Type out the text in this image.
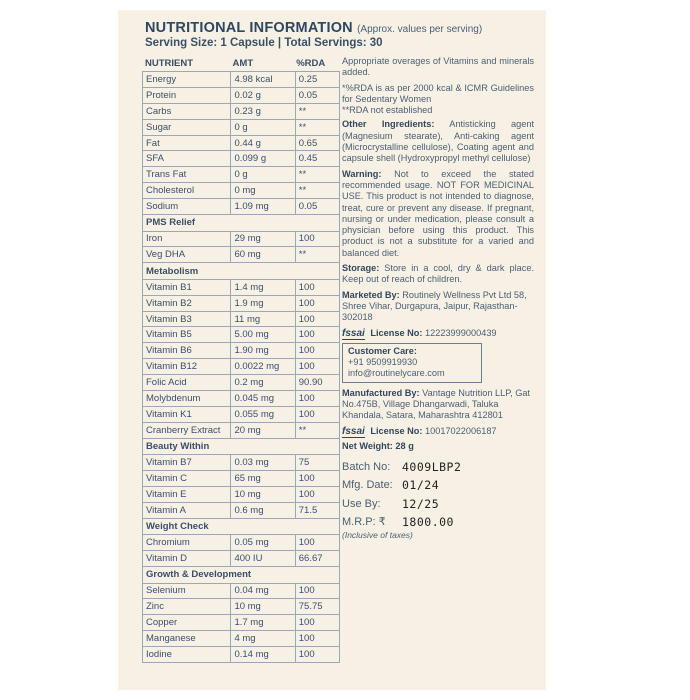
NUTRITIONAL INFORMATION (Approx. values per serving)
Serving Size: 1 Capsule | Total Servings: 30
NUTRIENT	AMT	%RDA
Energy	4.98 kcal	0.25
Protein	0.02 g	0.05
Carbs	0.23 g	**
Sugar	0 g	**
Fat	0.44 g	0.65
SFA	0.099 g	0.45
Trans Fat	0 g	**
Cholesterol	0 mg	**
Sodium	1.09 mg	0.05
PMS Relief		
Iron	29 mg	100
Veg DHA	60 mg	**
Metabolism		
Vitamin B1	1.4 mg	100
Vitamin B2	1.9 mg	100
Vitamin B3	11 mg	100
Vitamin B5	5.00 mg	100
Vitamin B6	1.90 mg	100
Vitamin B12	0.0022 mg	100
Folic Acid	0.2 mg	90.90
Molybdenum	0.045 mg	100
Vitamin K1	0.055 mg	100
Cranberry Extract	20 mg	**
Beauty Within		
Vitamin B7	0.03 mg	75
Vitamin C	65 mg	100
Vitamin E	10 mg	100
Vitamin A	0.6 mg	71.5
Weight Check		
Chromium	0.05 mg	100
Vitamin D	400 IU	66.67
Growth & Development		
Selenium	0.04 mg	100
Zinc	10 mg	75.75
Copper	1.7 mg	100
Manganese	4 mg	100
Iodine	0.14 mg	100

Appropriate overages of Vitamins and minerals added.

*%RDA is as per 2000 kcal & ICMR Guidelines for Sedentary Women
**RDA not established

Other Ingredients: Antisticking agent (Magnesium stearate), Anti-caking agent (Microcrystalline cellulose), Coating agent and capsule shell (Hydroxypropyl methyl cellulose)

Warning: Not to exceed the stated recommended usage. NOT FOR MEDICINAL USE. This product is not intended to diagnose, treat, cure or prevent any disease. If pregnant, nursing or under medication, please consult a physician before using this product. This product is not a substitute for a varied and balanced diet.

Storage: Store in a cool, dry & dark place. Keep out of reach of children.

Marketed By: Routinely Wellness Pvt Ltd 58, Shree Vihar, Durgapura, Jaipur, Rajasthan-302018

fssai License No: 12223999000439

Customer Care:
+91 9509919930
info@routinelycare.com

Manufactured By: Vantage Nutrition LLP, Gat No.475B, Village Dhangarwadi, Taluka Khandala, Satara, Maharashtra 412801

fssai License No: 10017022006187

Net Weight: 28 g

Batch No:	4009LBP2
Mfg. Date: 01/24
Use By:	12/25
M.R.P: ₹	1800.00
(Inclusive of taxes)
